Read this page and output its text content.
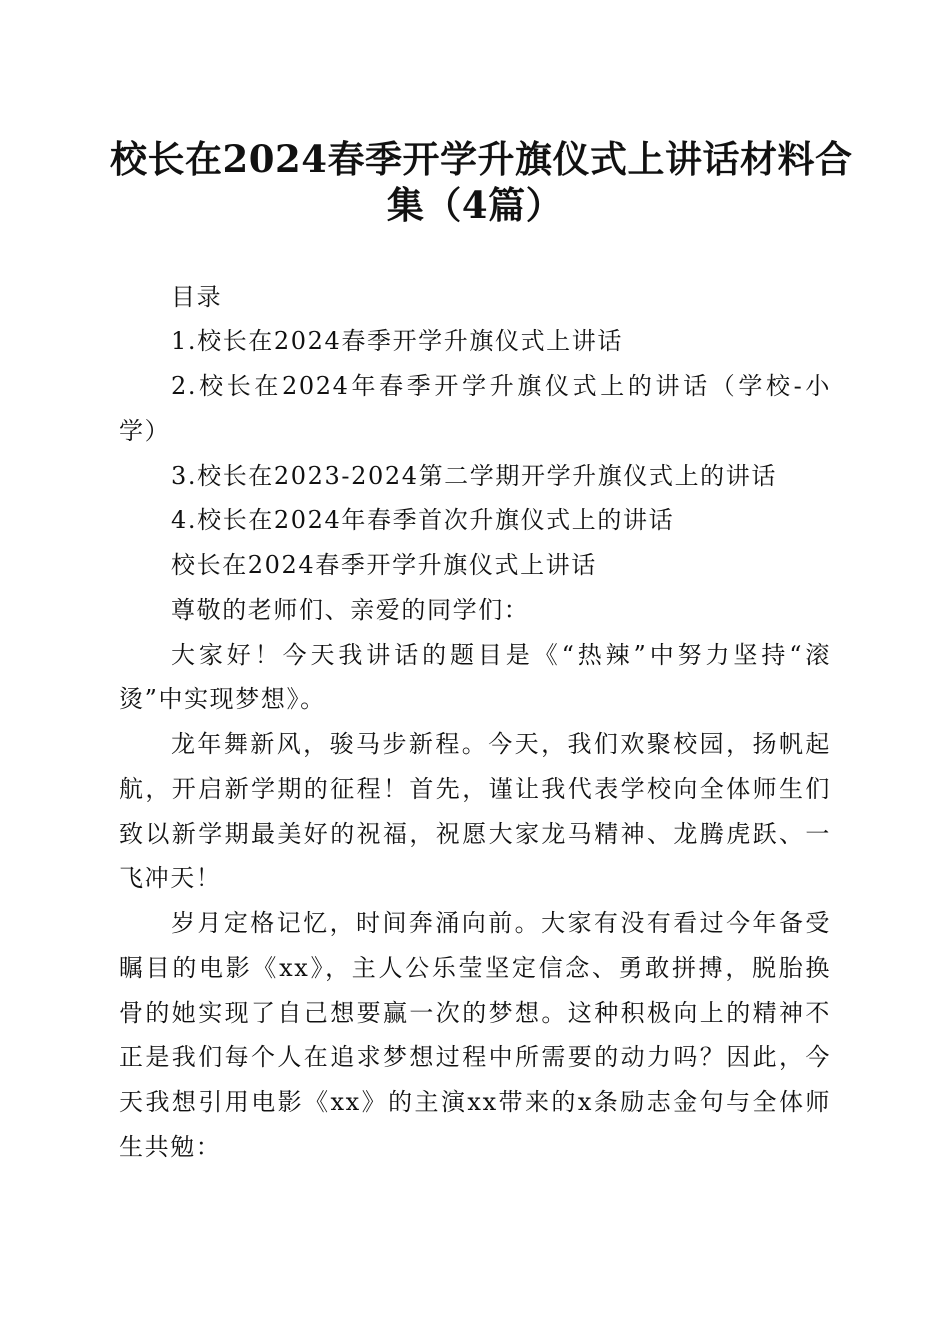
校长在2024春季开学升旗仪式上讲话材料合
集（4篇）
目录
1.校长在2024春季开学升旗仪式上讲话
2.校长在2024年春季开学升旗仪式上的讲话（学校-小
学）
3.校长在2023-2024第二学期开学升旗仪式上的讲话
4.校长在2024年春季首次升旗仪式上的讲话
校长在2024春季开学升旗仪式上讲话
尊敬的老师们、亲爱的同学们：
大家好！今天我讲话的题目是《“热辣”中努力坚持“滚
烫”中实现梦想》。
龙年舞新风，骏马步新程。今天，我们欢聚校园，扬帆起
航，开启新学期的征程！首先，谨让我代表学校向全体师生们
致以新学期最美好的祝福，祝愿大家龙马精神、龙腾虎跃、一
飞冲天！
岁月定格记忆，时间奔涌向前。大家有没有看过今年备受
瞩目的电影《xx》，主人公乐莹坚定信念、勇敢拼搏，脱胎换
骨的她实现了自己想要赢一次的梦想。这种积极向上的精神不
正是我们每个人在追求梦想过程中所需要的动力吗？因此，今
天我想引用电影《xx》的主演xx带来的x条励志金句与全体师
生共勉：
